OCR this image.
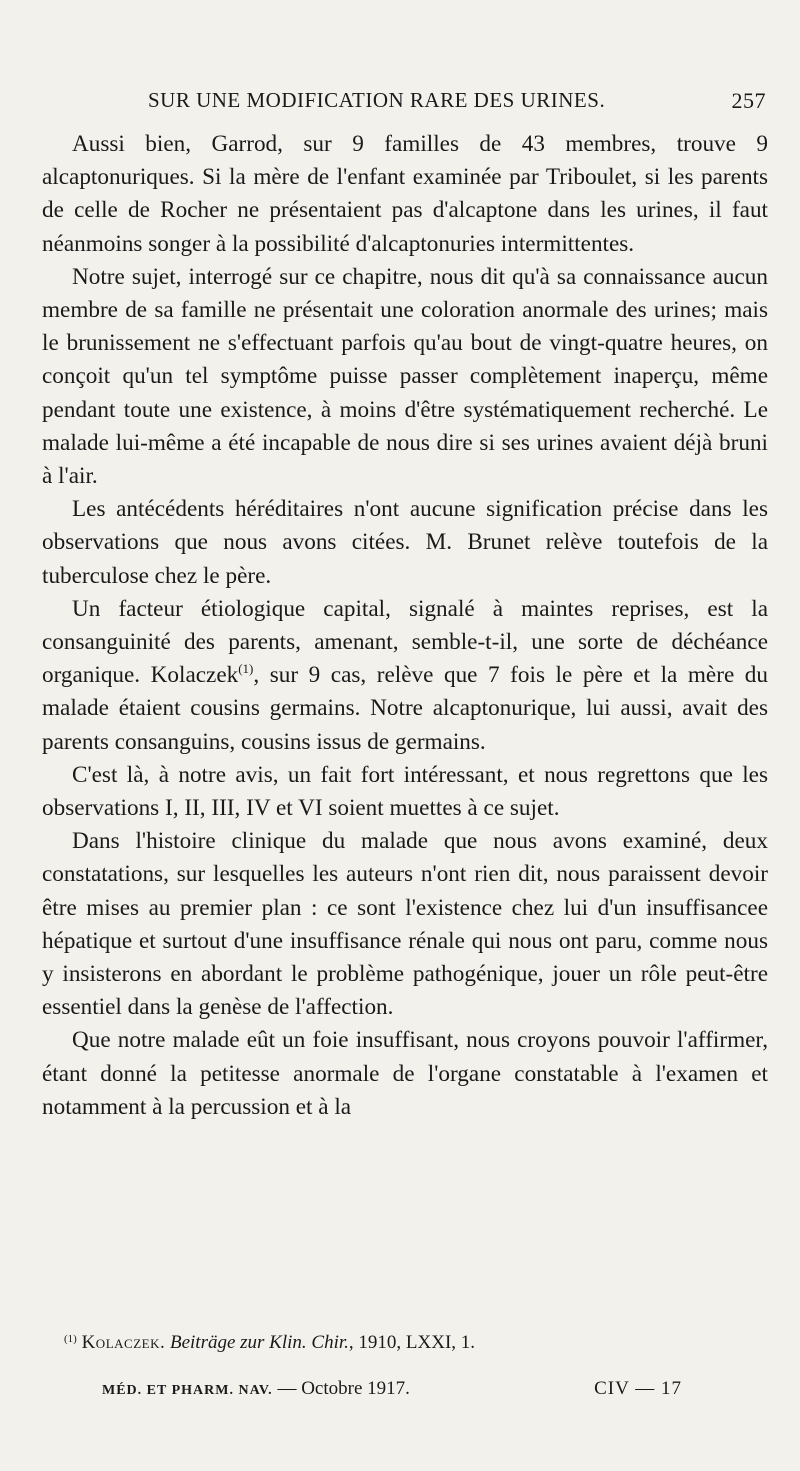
SUR UNE MODIFICATION RARE DES URINES.	257

Aussi bien, Garrod, sur 9 familles de 43 membres, trouve 9 alcaptonuriques. Si la mère de l'enfant examinée par Triboulet, si les parents de celle de Rocher ne présentaient pas d'alcaptone dans les urines, il faut néanmoins songer à la possibilité d'alcaptonuries intermittentes.

Notre sujet, interrogé sur ce chapitre, nous dit qu'à sa connaissance aucun membre de sa famille ne présentait une coloration anormale des urines; mais le brunissement ne s'effectuant parfois qu'au bout de vingt-quatre heures, on conçoit qu'un tel symptôme puisse passer complètement inaperçu, même pendant toute une existence, à moins d'être systématiquement recherché. Le malade lui-même a été incapable de nous dire si ses urines avaient déjà bruni à l'air.

Les antécédents héréditaires n'ont aucune signification précise dans les observations que nous avons citées. M. Brunet relève toutefois de la tuberculose chez le père.

Un facteur étiologique capital, signalé à maintes reprises, est la consanguinité des parents, amenant, semble-t-il, une sorte de déchéance organique. Kolaczek$^{(1)}$, sur 9 cas, relève que 7 fois le père et la mère du malade étaient cousins germains. Notre alcaptonurique, lui aussi, avait des parents consanguins, cousins issus de germains.

C'est là, à notre avis, un fait fort intéressant, et nous regrettons que les observations I, II, III, IV et VI soient muettes à ce sujet.

Dans l'histoire clinique du malade que nous avons examiné, deux constatations, sur lesquelles les auteurs n'ont rien dit, nous paraissent devoir être mises au premier plan : ce sont l'existence chez lui d'un insuffisancee hépatique et surtout d'une insuffisance rénale qui nous ont paru, comme nous y insisterons en abordant le problème pathogénique, jouer un rôle peut-être essentiel dans la genèse de l'affection.

Que notre malade eût un foie insuffisant, nous croyons pouvoir l'affirmer, étant donné la petitesse anormale de l'organe constatable à l'examen et notamment à la percussion et à la

$^{(1)}$ Kolaczek. Beiträge zur Klin. Chir., 1910, LXXI, 1.
MÉD. ET PHARM. NAV. — Octobre 1917.	CIV — 17
